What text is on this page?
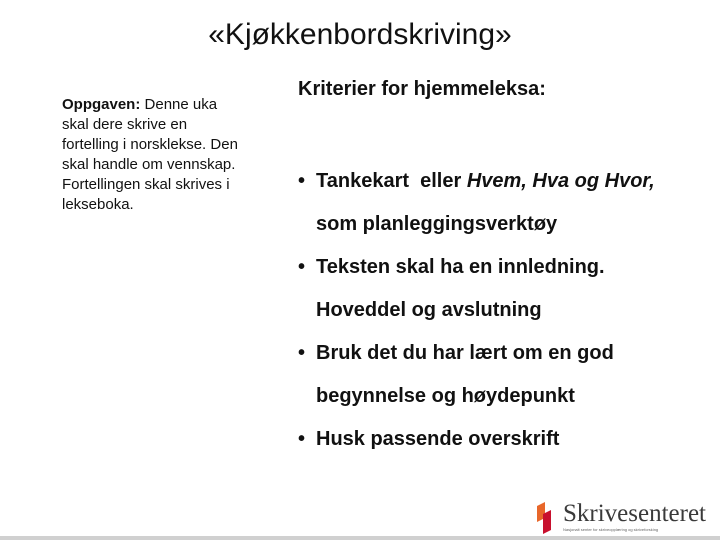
«Kjøkkenbordskriving»
Oppgaven: Denne uka skal dere skrive en fortelling i norsklekse. Den skal handle om vennskap. Fortellingen skal skrives i lekseboka.
Kriterier for hjemmeleksa:
• Tankekart  eller Hvem, Hva og Hvor,
som planleggingsverktøy
• Teksten skal ha en innledning.
Hoveddel og avslutning
• Bruk det du har lært om en god
begynnelse og høydepunkt
• Husk passende overskrift
Skrivesenteret
Nasjonalt senter for skriveopplæring og skriveforsking
